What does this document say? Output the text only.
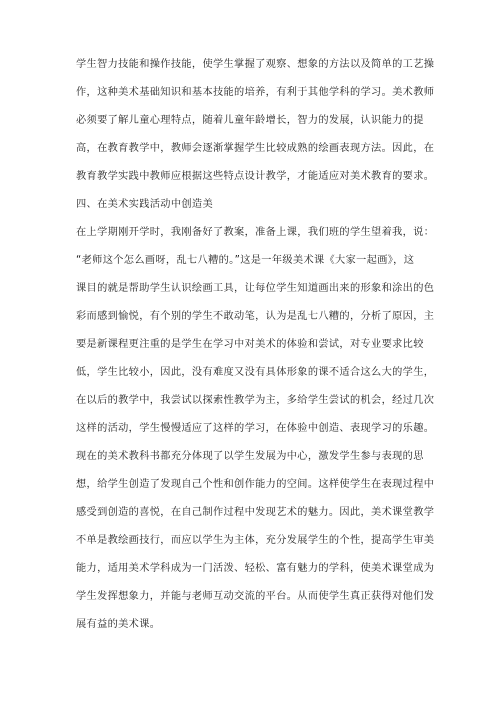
学生智力技能和操作技能，使学生掌握了观察、想象的方法以及简单的工艺操
作，这种美术基础知识和基本技能的培养，有利于其他学科的学习。美术教师
必须要了解儿童心理特点，随着儿童年龄增长，智力的发展，认识能力的提
高，在教育教学中，教师会逐渐掌握学生比较成熟的绘画表现方法。因此，在
教育教学实践中教师应根据这些特点设计教学，才能适应对美术教育的要求。
四、在美术实践活动中创造美
在上学期刚开学时，我刚备好了教案，准备上课，我们班的学生望着我，说：
“老师这个怎么画呀，乱七八糟的。”这是一年级美术课《大家一起画》，这
课目的就是帮助学生认识绘画工具，让每位学生知道画出来的形象和涂出的色
彩而感到愉悦，有个别的学生不敢动笔，认为是乱七八糟的，分析了原因，主
要是新课程更注重的是学生在学习中对美术的体验和尝试，对专业要求比较
低，学生比较小，因此，没有难度又没有具体形象的课不适合这么大的学生，
在以后的教学中，我尝试以探索性教学为主，多给学生尝试的机会，经过几次
这样的活动，学生慢慢适应了这样的学习，在体验中创造、表现学习的乐趣。
现在的美术教科书都充分体现了以学生发展为中心，激发学生参与表现的思
想，给学生创造了发现自己个性和创作能力的空间。这样使学生在表现过程中
感受到创造的喜悦，在自己制作过程中发现艺术的魅力。因此，美术课堂教学
不单是教绘画技行，而应以学生为主体，充分发展学生的个性，提高学生审美
能力，适用美术学科成为一门活泼、轻松、富有魅力的学科，使美术课堂成为
学生发挥想象力，并能与老师互动交流的平台。从而使学生真正获得对他们发
展有益的美术课。
